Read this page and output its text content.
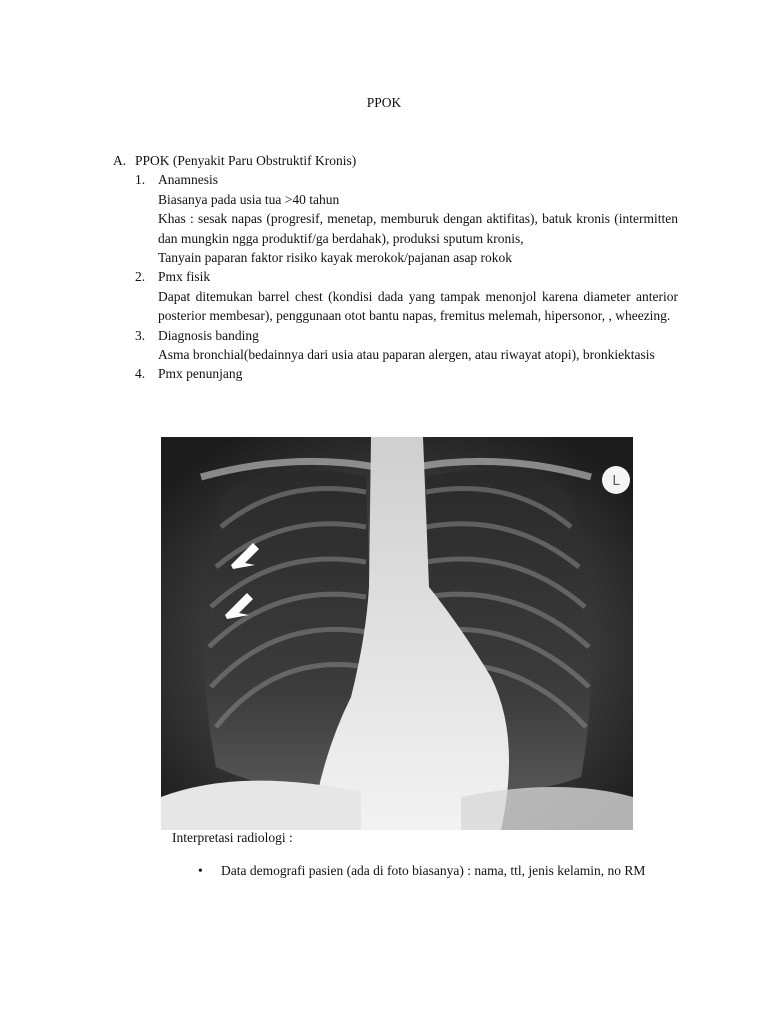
PPOK
A. PPOK (Penyakit Paru Obstruktif Kronis)
1. Anamnesis
Biasanya pada usia tua >40 tahun
Khas : sesak napas (progresif, menetap, memburuk dengan aktifitas), batuk kronis (intermitten dan mungkin ngga produktif/ga berdahak), produksi sputum kronis,
Tanyain paparan faktor risiko kayak merokok/pajanan asap rokok
2. Pmx fisik
Dapat ditemukan barrel chest (kondisi dada yang tampak menonjol karena diameter anterior posterior membesar), penggunaan otot bantu napas, fremitus melemah, hipersonor, , wheezing.
3. Diagnosis banding
Asma bronchial(bedainnya dari usia atau paparan alergen, atau riwayat atopi), bronkiektasis
4. Pmx penunjang
L
Interpretasi radiologi :
•	Data demografi pasien (ada di foto biasanya) : nama, ttl, jenis kelamin, no RM
